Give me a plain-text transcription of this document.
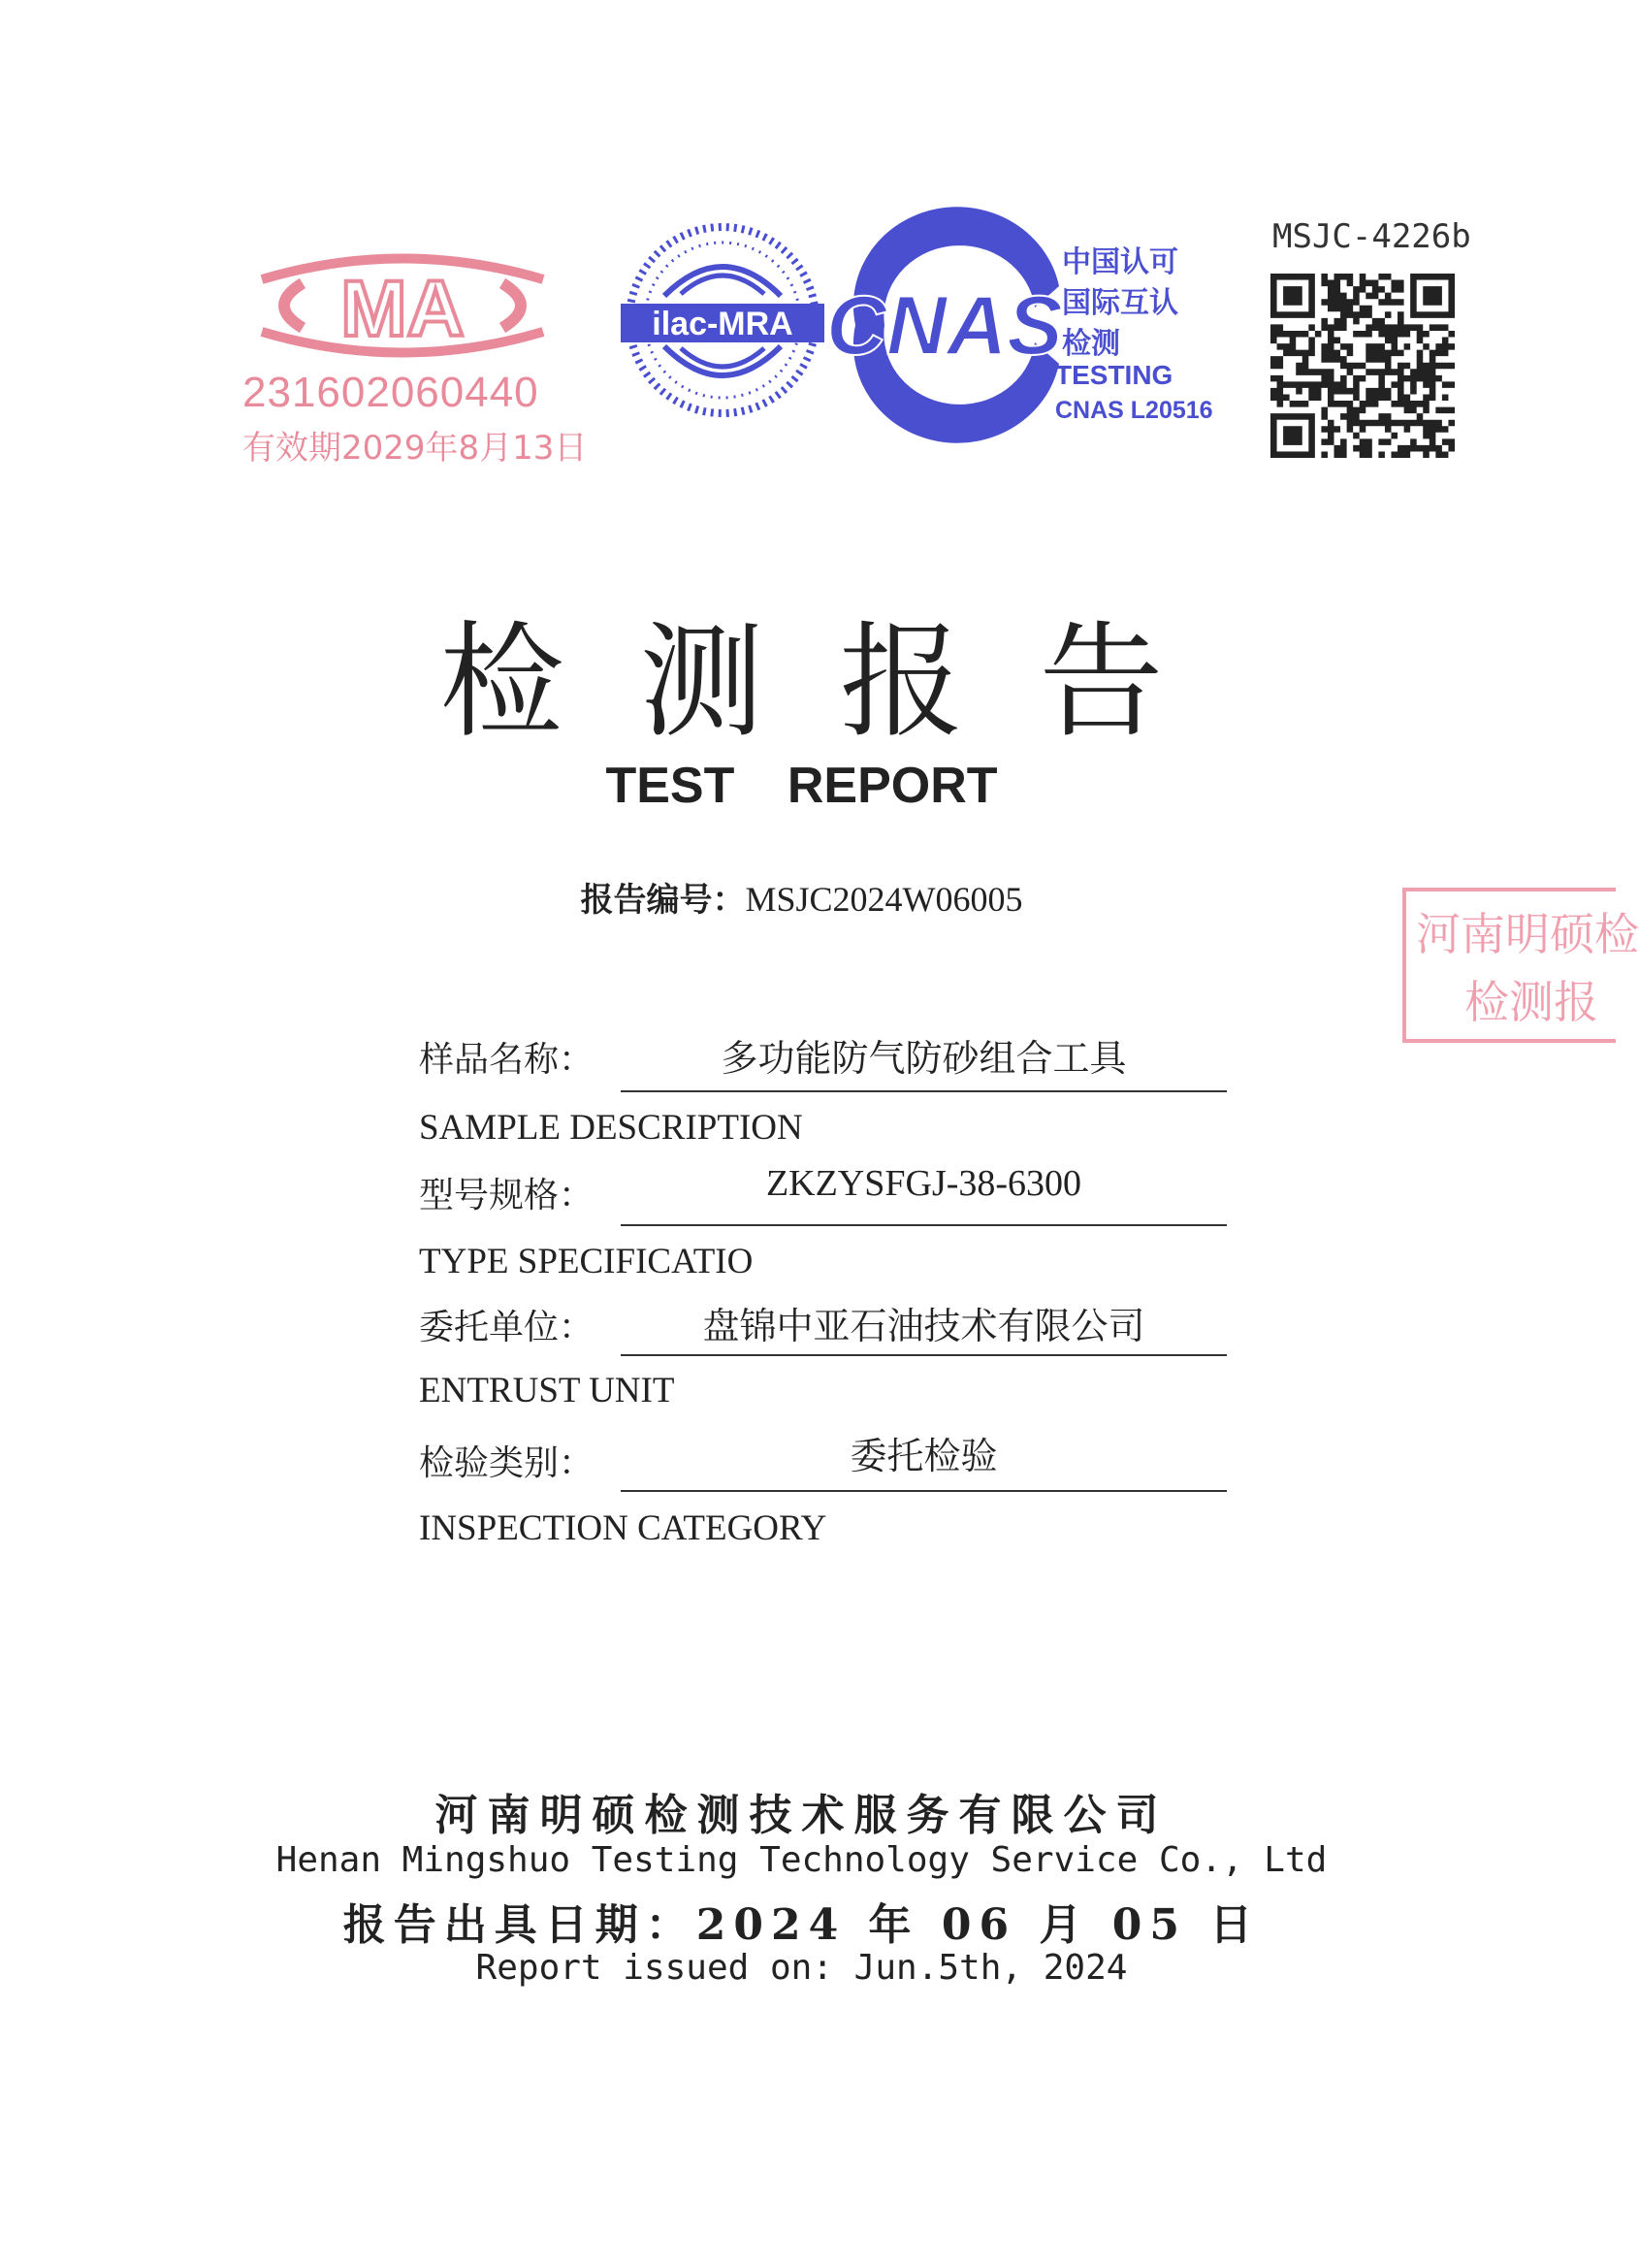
MA
231602060440
有效期2029年8月13日
ilac-MRA CNAS
中国认可
国际互认
检测
TESTING
CNAS L20516
MSJC-4226b
检测报告
TEST REPORT
报告编号：MSJC2024W06005
河南明硕检
检测报
样品名称：	多功能防气防砂组合工具
SAMPLE DESCRIPTION
型号规格：	ZKZYSFGJ-38-6300
TYPE SPECIFICATIO
委托单位：	盘锦中亚石油技术有限公司
ENTRUST UNIT
检验类别：	委托检验
INSPECTION CATEGORY
河南明硕检测技术服务有限公司
Henan Mingshuo Testing Technology Service Co., Ltd
报告出具日期：2024 年 06 月 05 日
Report issued on: Jun.5th, 2024
